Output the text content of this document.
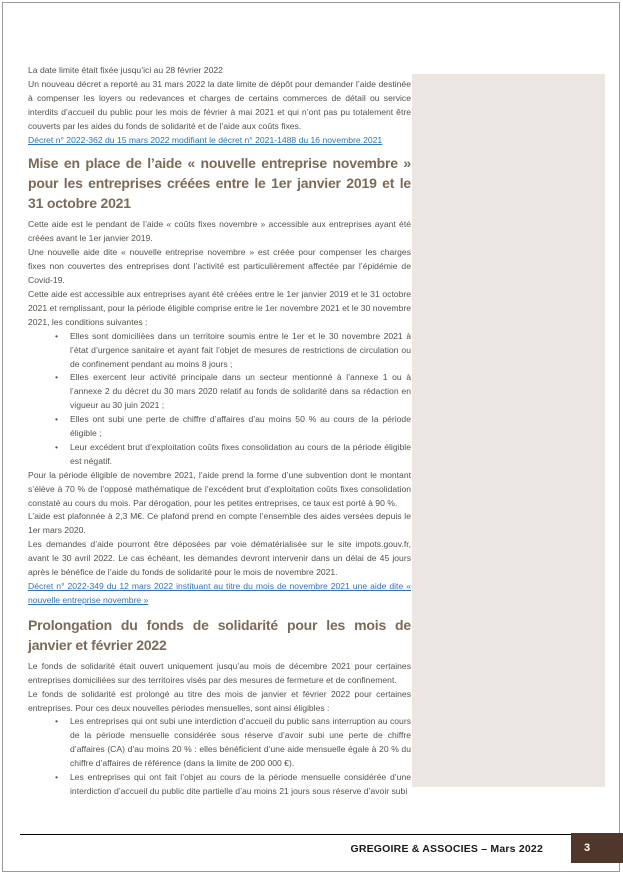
La date limite était fixée jusqu’ici au 28 février 2022

Un nouveau décret a reporté au 31 mars 2022 la date limite de dépôt pour demander l’aide destinée à compenser les loyers ou redevances et charges de certains commerces de détail ou service interdits d’accueil du public pour les mois de février à mai 2021 et qui n’ont pas pu totalement être couverts par les aides du fonds de solidarité et de l’aide aux coûts fixes.

Décret n° 2022-362 du 15 mars 2022 modifiant le décret n° 2021-1488 du 16 novembre 2021
Mise en place de l’aide « nouvelle entreprise novembre » pour les entreprises créées entre le 1er janvier 2019 et le 31 octobre 2021

Cette aide est le pendant de l’aide « coûts fixes novembre » accessible aux entreprises ayant été créées avant le 1er janvier 2019.

Une nouvelle aide dite « nouvelle entreprise novembre » est créée pour compenser les charges fixes non couvertes des entreprises dont l’activité est particulièrement affectée par l’épidémie de Covid-19.

Cette aide est accessible aux entreprises ayant été créées entre le 1er janvier 2019 et le 31 octobre 2021 et remplissant, pour la période éligible comprise entre le 1er novembre 2021 et le 30 novembre 2021, les conditions suivantes :

• Elles sont domiciliées dans un territoire soumis entre le 1er et le 30 novembre 2021 à l’état d’urgence sanitaire et ayant fait l’objet de mesures de restrictions de circulation ou de confinement pendant au moins 8 jours ;
• Elles exercent leur activité principale dans un secteur mentionné à l’annexe 1 ou à l’annexe 2 du décret du 30 mars 2020 relatif au fonds de solidarité dans sa rédaction en vigueur au 30 juin 2021 ;
• Elles ont subi une perte de chiffre d’affaires d’au moins 50 % au cours de la période éligible ;
• Leur excédent brut d’exploitation coûts fixes consolidation au cours de la période éligible est négatif.

Pour la période éligible de novembre 2021, l’aide prend la forme d’une subvention dont le montant s’élève à 70 % de l’opposé mathématique de l’excédent brut d’exploitation coûts fixes consolidation constaté au cours du mois. Par dérogation, pour les petites entreprises, ce taux est porté à 90 %.

L’aide est plafonnée à 2,3 M€. Ce plafond prend en compte l’ensemble des aides versées depuis le 1er mars 2020.

Les demandes d’aide pourront être déposées par voie dématérialisée sur le site impots.gouv.fr, avant le 30 avril 2022. Le cas échéant, les demandes devront intervenir dans un délai de 45 jours après le bénéfice de l’aide du fonds de solidarité pour le mois de novembre 2021.

Décret n° 2022-349 du 12 mars 2022 instituant au titre du mois de novembre 2021 une aide dite « nouvelle entreprise novembre »
Prolongation du fonds de solidarité pour les mois de janvier et février 2022

Le fonds de solidarité était ouvert uniquement jusqu’au mois de décembre 2021 pour certaines entreprises domiciliées sur des territoires visés par des mesures de fermeture et de confinement.

Le fonds de solidarité est prolongé au titre des mois de janvier et février 2022 pour certaines entreprises. Pour ces deux nouvelles périodes mensuelles, sont ainsi éligibles :

• Les entreprises qui ont subi une interdiction d’accueil du public sans interruption au cours de la période mensuelle considérée sous réserve d’avoir subi une perte de chiffre d’affaires (CA) d’au moins 20 % : elles bénéficient d’une aide mensuelle égale à 20 % du chiffre d’affaires de référence (dans la limite de 200 000 €).
• Les entreprises qui ont fait l’objet au cours de la période mensuelle considérée d’une interdiction d’accueil du public dite partielle d’au moins 21 jours sous réserve d’avoir subi
GREGOIRE & ASSOCIES – Mars 2022	3
